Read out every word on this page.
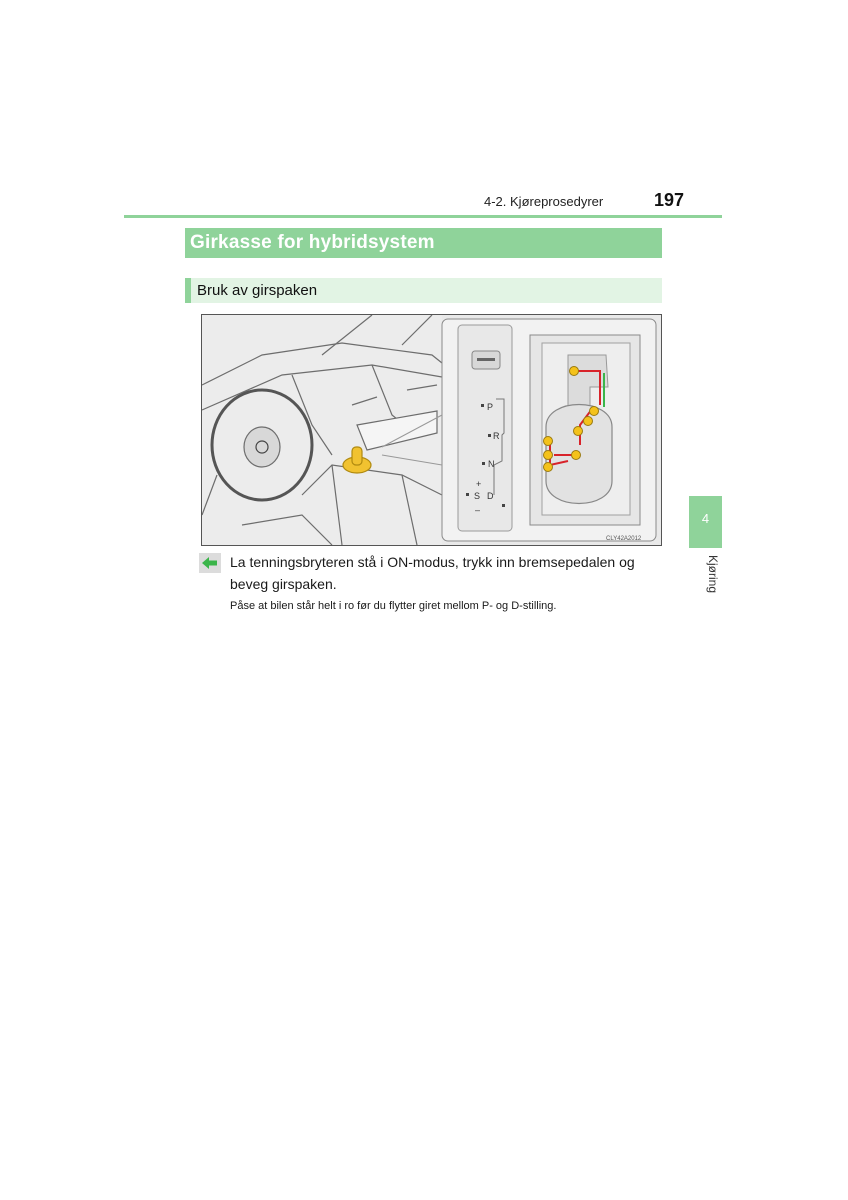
4-2. Kjøreprosedyrer	197
Girkasse for hybridsystem
Bruk av girspaken
P
R
N
D
S
+
–
CLY42A2012
La tenningsbryteren stå i ON-modus, trykk inn bremsepedalen og beveg girspaken.
Påse at bilen står helt i ro før du flytter giret mellom P- og D-stilling.
4
Kjøring
